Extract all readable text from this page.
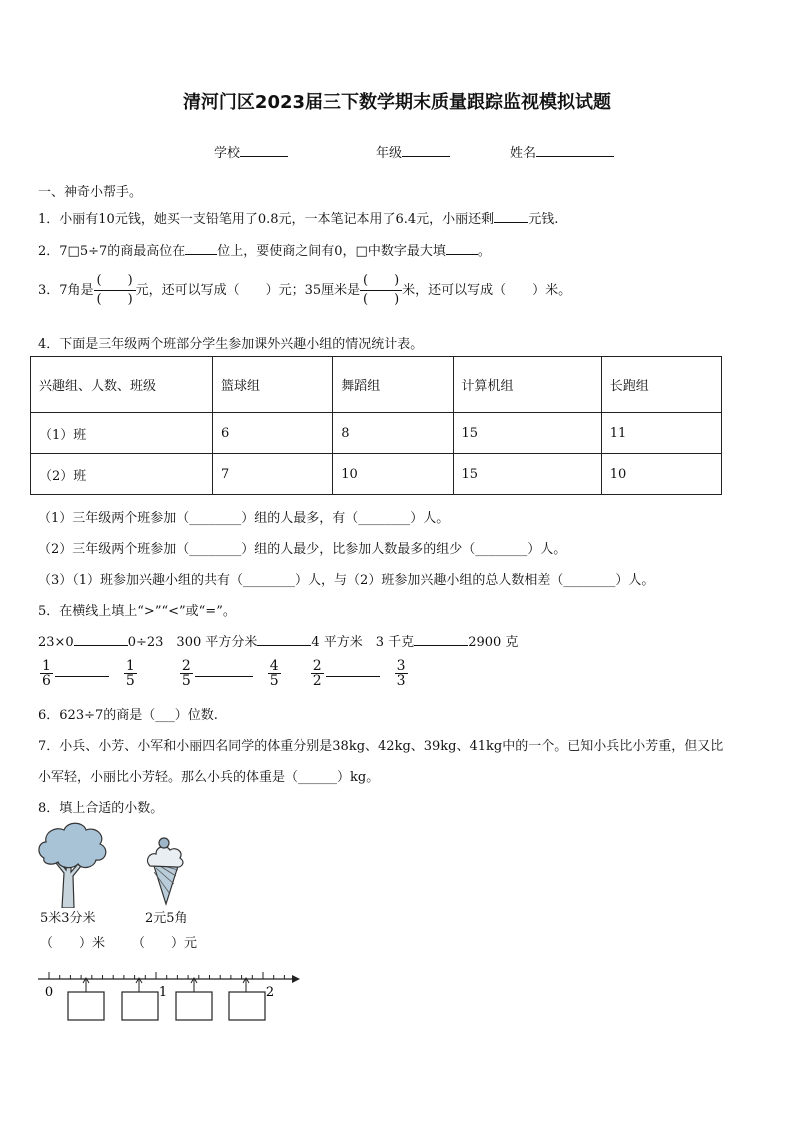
清河门区2023届三下数学期末质量跟踪监视模拟试题
学校	年级	姓名
一、神奇小帮手。
1．小丽有10元钱，她买一支铅笔用了0.8元，一本笔记本用了6.4元，小丽还剩	元钱.
2．7□5÷7的商最高位在 位上，要使商之间有0，□中数字最大填 。
3．7角是 $\frac{( )}{( )}$ 元，还可以写成（　　）元；35厘米是 $\frac{( )}{( )}$ 米，还可以写成（　　）米。
4．下面是三年级两个班部分学生参加课外兴趣小组的情况统计表。
兴趣组、人数、班级	篮球组	舞蹈组	计算机组	长跑组
（1）班	6	8	15	11
（2）班	7	10	15	10
（1）三年级两个班参加（________）组的人最多，有（________）人。
（2）三年级两个班参加（________）组的人最少，比参加人数最多的组少（________）人。
（3）（1）班参加兴趣小组的共有（________）人，与（2）班参加兴趣小组的总人数相差（________）人。
5．在横线上填上“>”“<”或“=”。
23×0	0÷23　300 平方分米	4 平方米　3 千克	2900 克
$\frac{1}{6}$
 	$\frac{1}{5}$
   	$\frac{2}{5}$
 	$\frac{4}{5}$
   $\frac{2}{2}$
 	$\frac{3}{3}$
6．623÷7的商是（___）位数.
7．小兵、小芳、小军和小丽四名同学的体重分别是38kg、42kg、39kg、41kg中的一个。已知小兵比小芳重，但又比
小军轻，小丽比小芳轻。那么小兵的体重是（______）kg。
8．填上合适的小数。
5米3分米	2元5角
（　　）米 （　　）元
0	1	2
